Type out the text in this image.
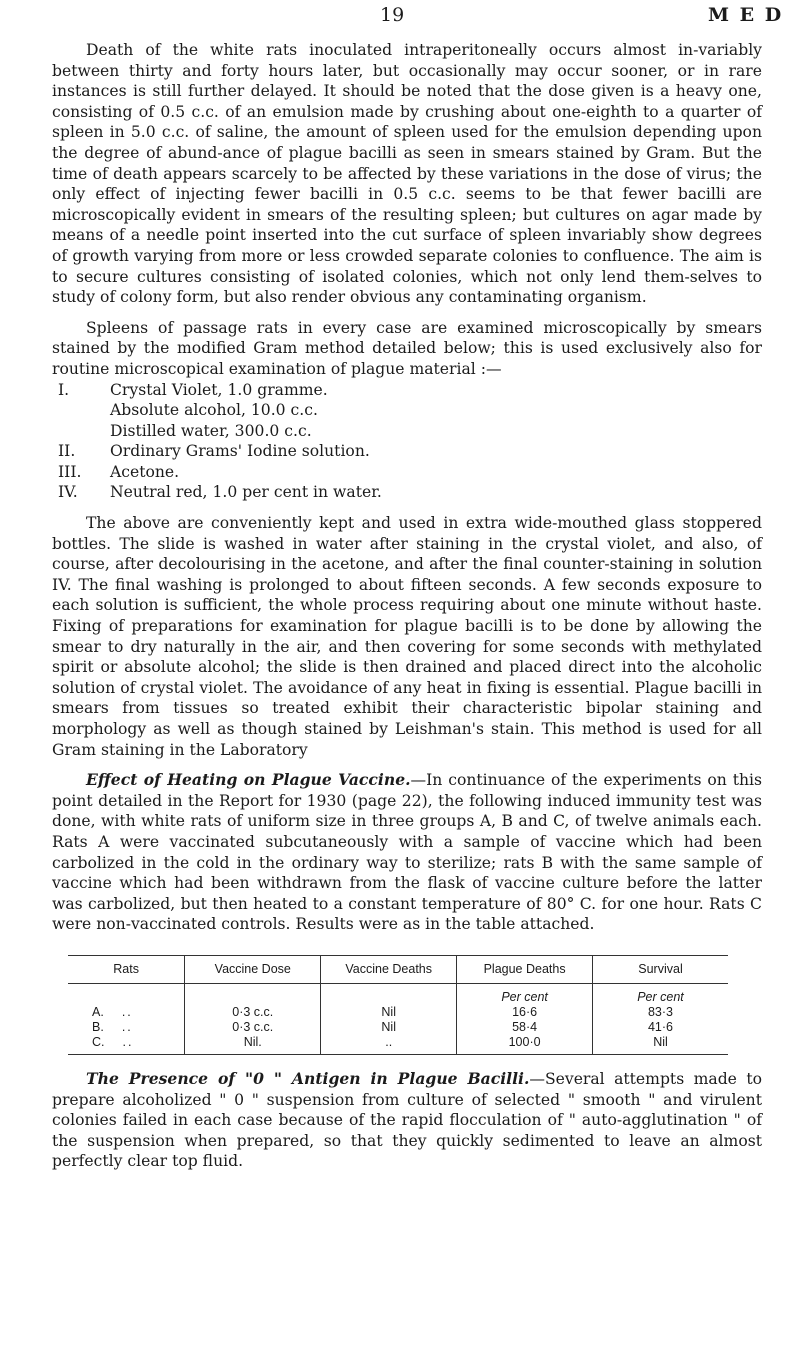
19	M E D

Death of the white rats inoculated intraperitoneally occurs almost in-variably between thirty and forty hours later, but occasionally may occur sooner, or in rare instances is still further delayed. It should be noted that the dose given is a heavy one, consisting of 0.5 c.c. of an emulsion made by crushing about one-eighth to a quarter of spleen in 5.0 c.c. of saline, the amount of spleen used for the emulsion depending upon the degree of abund-ance of plague bacilli as seen in smears stained by Gram. But the time of death appears scarcely to be affected by these variations in the dose of virus; the only effect of injecting fewer bacilli in 0.5 c.c. seems to be that fewer bacilli are microscopically evident in smears of the resulting spleen; but cultures on agar made by means of a needle point inserted into the cut surface of spleen invariably show degrees of growth varying from more or less crowded separate colonies to confluence. The aim is to secure cultures consisting of isolated colonies, which not only lend them-selves to study of colony form, but also render obvious any contaminating organism.

Spleens of passage rats in every case are examined microscopically by smears stained by the modified Gram method detailed below; this is used exclusively also for routine microscopical examination of plague material :—

I.	Crystal Violet, 1.0 gramme.
Absolute alcohol, 10.0 c.c.
Distilled water, 300.0 c.c.
II.	Ordinary Grams' Iodine solution.
III.	Acetone.
IV.	Neutral red, 1.0 per cent in water.

The above are conveniently kept and used in extra wide-mouthed glass stoppered bottles. The slide is washed in water after staining in the crystal violet, and also, of course, after decolourising in the acetone, and after the final counter-staining in solution IV. The final washing is prolonged to about fifteen seconds. A few seconds exposure to each solution is sufficient, the whole process requiring about one minute without haste. Fixing of preparations for examination for plague bacilli is to be done by allowing the smear to dry naturally in the air, and then covering for some seconds with methylated spirit or absolute alcohol; the slide is then drained and placed direct into the alcoholic solution of crystal violet. The avoidance of any heat in fixing is essential. Plague bacilli in smears from tissues so treated exhibit their characteristic bipolar staining and morphology as well as though stained by Leishman's stain. This method is used for all Gram staining in the Laboratory

Effect of Heating on Plague Vaccine.—In continuance of the experiments on this point detailed in the Report for 1930 (page 22), the following induced immunity test was done, with white rats of uniform size in three groups A, B and C, of twelve animals each. Rats A were vaccinated subcutaneously with a sample of vaccine which had been carbolized in the cold in the ordinary way to sterilize; rats B with the same sample of vaccine which had been withdrawn from the flask of vaccine culture before the latter was carbolized, but then heated to a constant temperature of 80° C. for one hour. Rats C were non-vaccinated controls. Results were as in the table attached.

Rats	Vaccine Dose	Vaccine Deaths	Plague Deaths	Survival
			Per cent	Per cent
A. ..	0·3 c.c.	Nil	16·6	83·3
B. ..	0·3 c.c.	Nil	58·4	41·6
C. ..	Nil.	..	100·0	Nil

The Presence of "0 " Antigen in Plague Bacilli.—Several attempts made to prepare alcoholized " 0 " suspension from culture of selected " smooth " and virulent colonies failed in each case because of the rapid flocculation of " auto-agglutination " of the suspension when prepared, so that they quickly sedimented to leave an almost perfectly clear top fluid.
